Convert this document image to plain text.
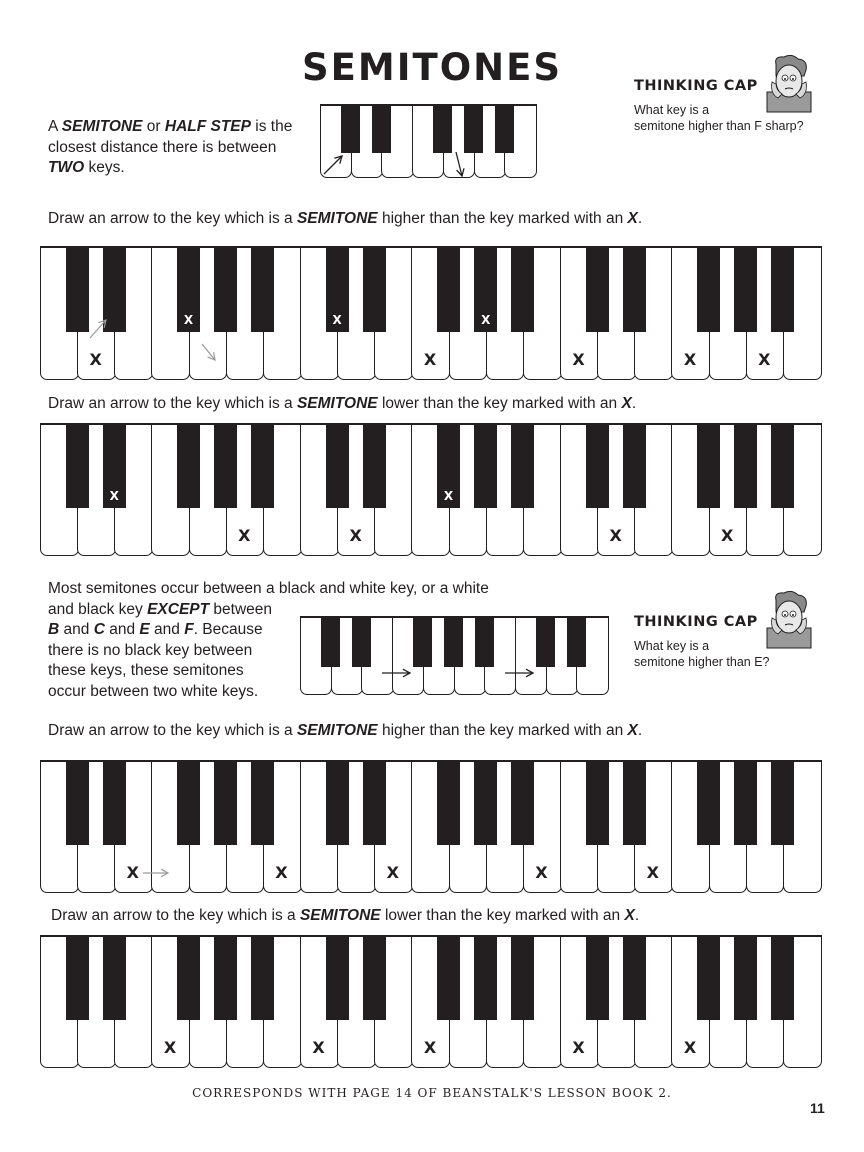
SEMITONES
A SEMITONE or HALF STEP is the
closest distance there is between
TWO keys.
THINKING CAP
What key is a
semitone higher than F sharp?
Draw an arrow to the key which is a SEMITONE higher than the key marked with an X.
X	X	X	X	X
X	X	X
Draw an arrow to the key which is a SEMITONE lower than the key marked with an X.
X	X	X	X
X	X
Most semitones occur between a black and white key, or a white
and black key EXCEPT between
B and C and E and F. Because
there is no black key between
these keys, these semitones
occur between two white keys.
THINKING CAP
What key is a
semitone higher than E?
Draw an arrow to the key which is a SEMITONE higher than the key marked with an X.
X	X	X	X	X
Draw an arrow to the key which is a SEMITONE lower than the key marked with an X.
X	X	X	X	X
CORRESPONDS WITH PAGE 14 OF BEANSTALK'S LESSON BOOK 2.
11
